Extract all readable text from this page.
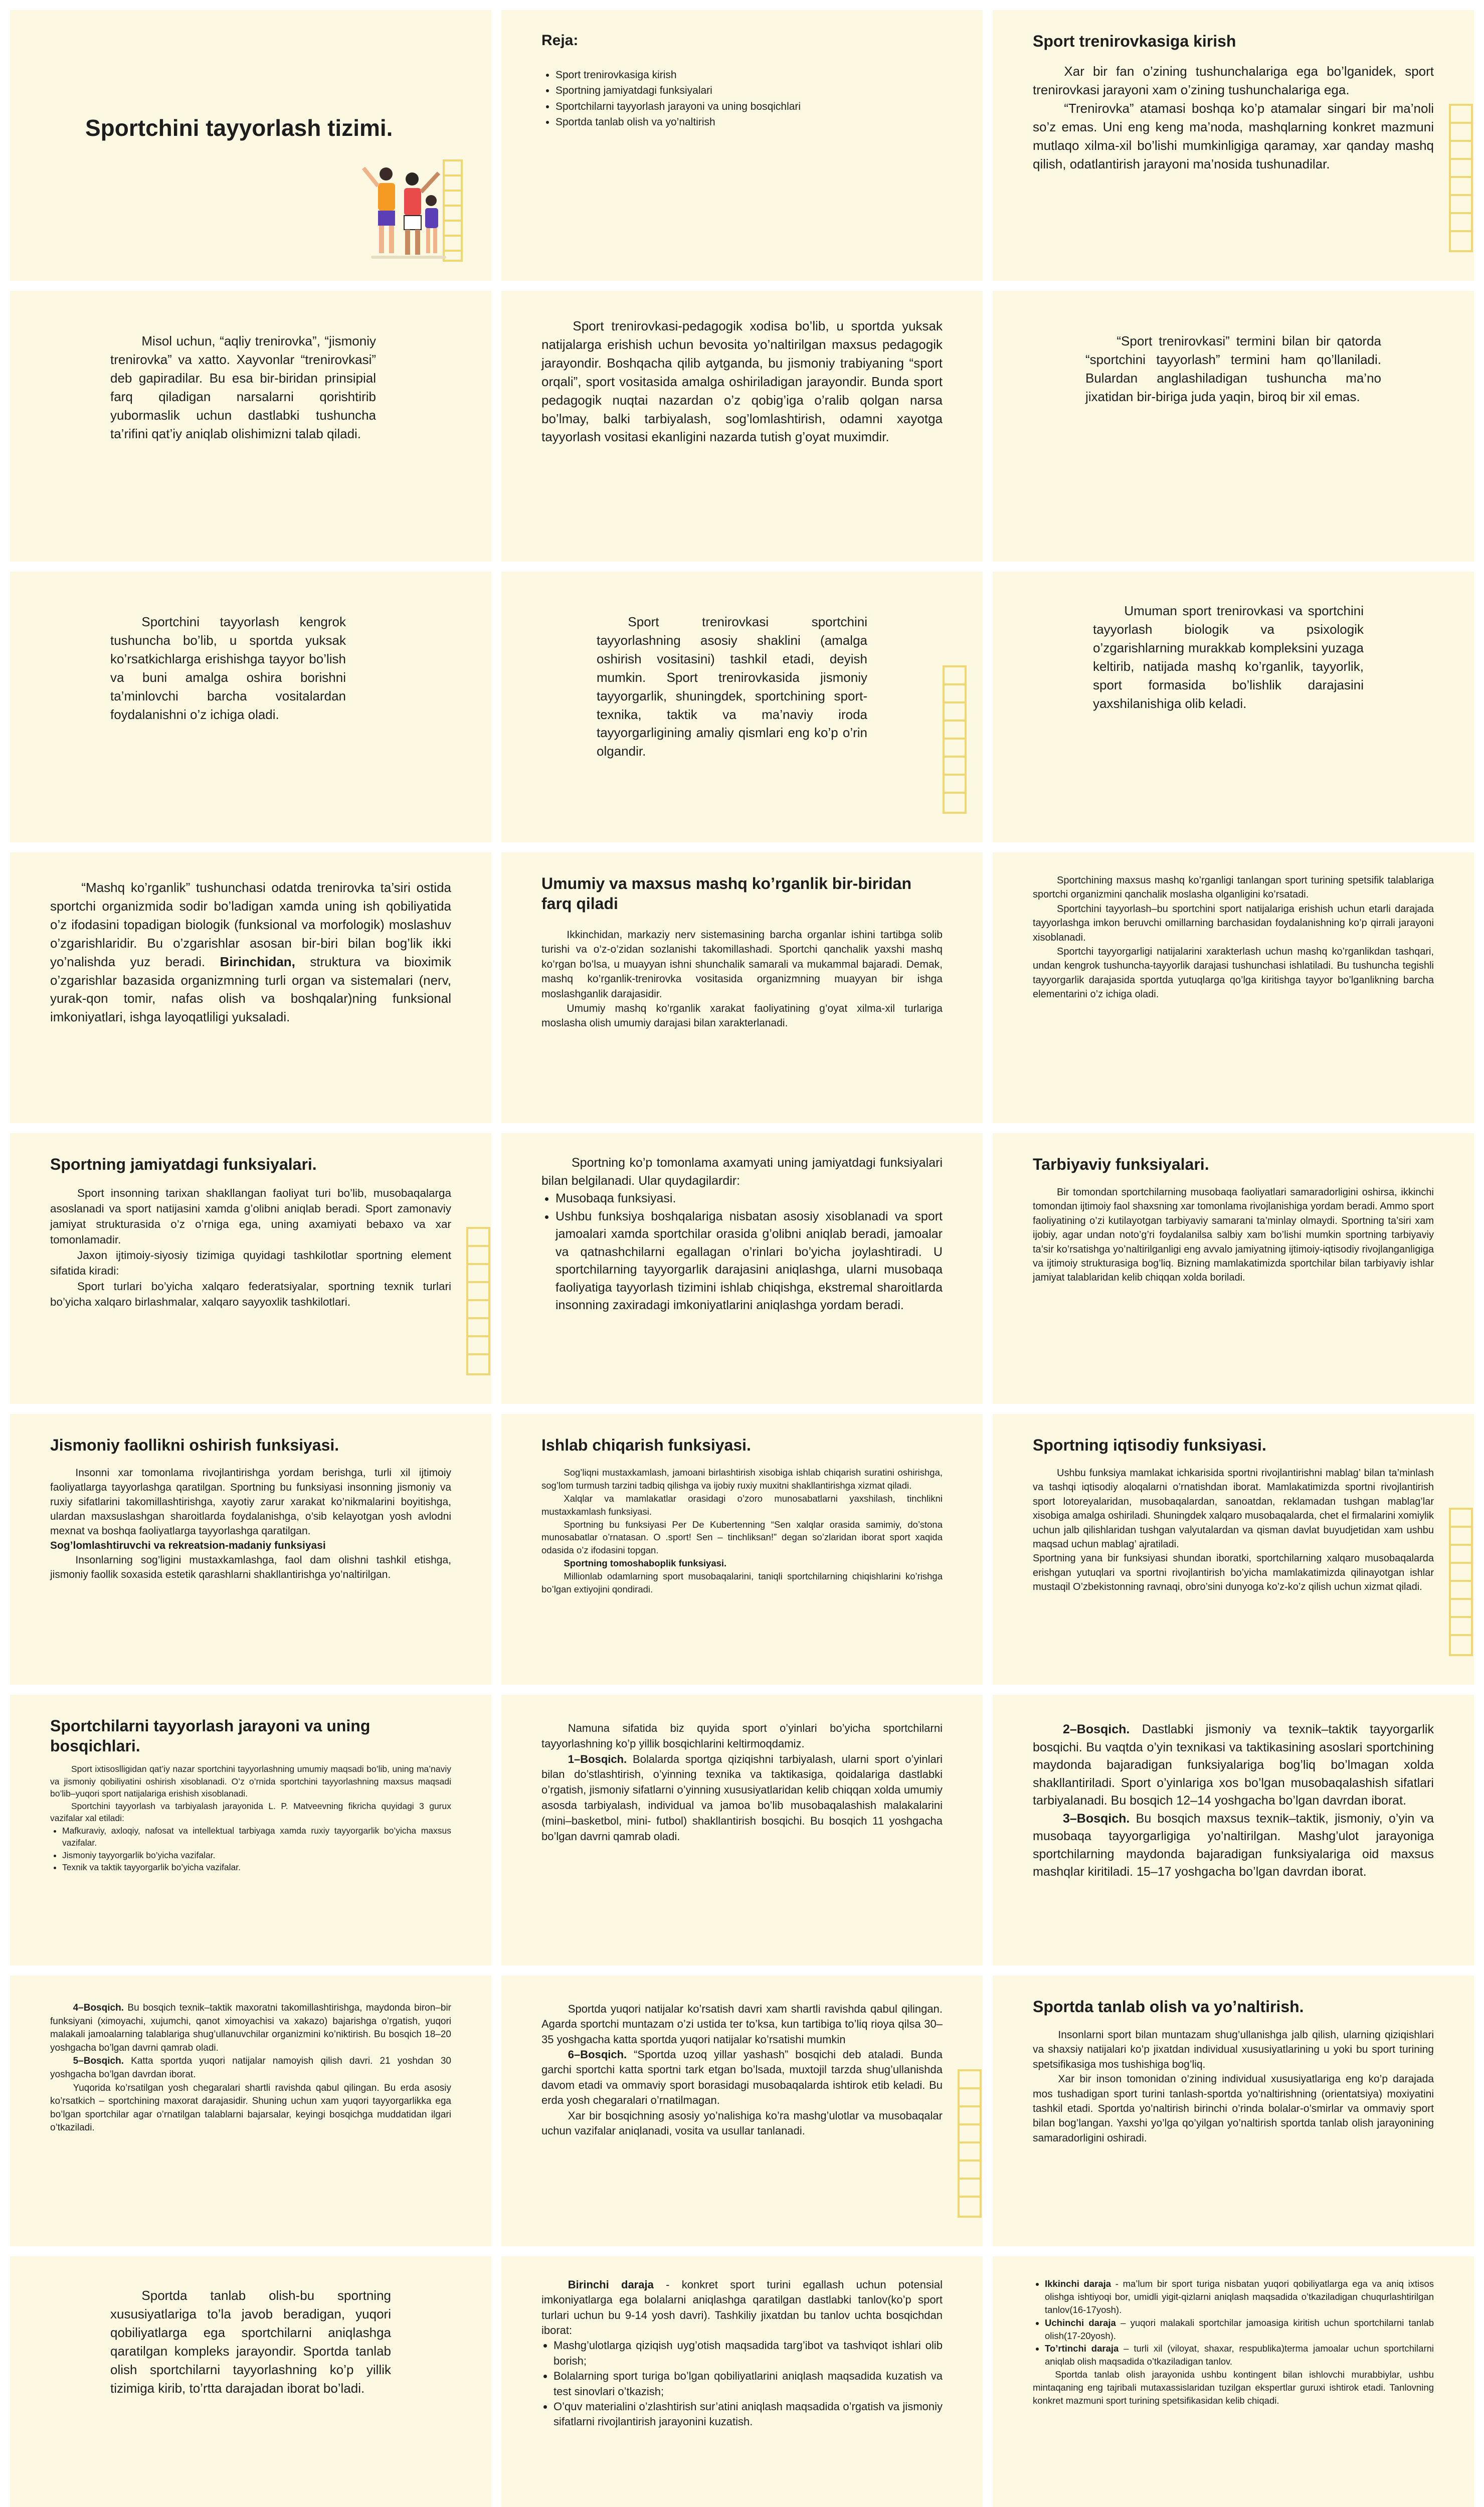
Sportchini tayyorlash tizimi.
Reja:
• Sport trenirovkasiga kirish
• Sportning jamiyatdagi funksiyalari
• Sportchilarni tayyorlash jarayoni va uning bosqichlari
• Sportda tanlab olish va yo’naltirish
Sport trenirovkasiga kirish

Xar bir fan o’zining tushunchalariga ega bo’lganidek, sport trenirovkasi jarayoni xam o’zining tushunchalariga ega.

“Trenirovka” atamasi boshqa ko’p atamalar singari bir ma’noli so’z emas. Uni eng keng ma’noda, mashqlarning konkret mazmuni mutlaqo xilma-xil bo’lishi mumkinligiga qaramay, xar qanday mashq qilish, odatlantirish jarayoni ma’nosida tushunadilar.

Misol uchun, “aqliy trenirovka”, “jismoniy trenirovka” va xatto. Xayvonlar “trenirovkasi” deb gapiradilar. Bu esa bir-biridan prinsipial farq qiladigan narsalarni qorishtirib yubormaslik uchun dastlabki tushuncha ta’rifini qat’iy aniqlab olishimizni talab qiladi.

Sport trenirovkasi-pedagogik xodisa bo’lib, u sportda yuksak natijalarga erishish uchun bevosita yo’naltirilgan maxsus pedagogik jarayondir. Boshqacha qilib aytganda, bu jismoniy trabiyaning “sport orqali”, sport vositasida amalga oshiriladigan jarayondir. Bunda sport pedagogik nuqtai nazardan o’z qobig’iga o’ralib qolgan narsa bo’lmay, balki tarbiyalash, sog’lomlashtirish, odamni xayotga tayyorlash vositasi ekanligini nazarda tutish g’oyat muximdir.

“Sport trenirovkasi” termini bilan bir qatorda “sportchini tayyorlash” termini ham qo’llaniladi. Bulardan anglashiladigan tushuncha ma’no jixatidan bir-biriga juda yaqin, biroq bir xil emas.

Sportchini tayyorlash kengrok tushuncha bo’lib, u sportda yuksak ko’rsatkichlarga erishishga tayyor bo’lish va buni amalga oshira borishni ta’minlovchi barcha vositalardan foydalanishni o’z ichiga oladi.

Sport trenirovkasi sportchini tayyorlashning asosiy shaklini (amalga oshirish vositasini) tashkil etadi, deyish mumkin. Sport trenirovkasida jismoniy tayyorgarlik, shuningdek, sportchining sport-texnika, taktik va ma’naviy iroda tayyorgarligining amaliy qismlari eng ko’p o’rin olgandir.

Umuman sport trenirovkasi va sportchini tayyorlash biologik va psixologik o’zgarishlarning murakkab kompleksini yuzaga keltirib, natijada mashq ko’rganlik, tayyorlik, sport formasida bo’lishlik darajasini yaxshilanishiga olib keladi.

“Mashq ko’rganlik” tushunchasi odatda trenirovka ta’siri ostida sportchi organizmida sodir bo’ladigan xamda uning ish qobiliyatida o’z ifodasini topadigan biologik (funksional va morfologik) moslashuv o’zgarishlaridir. Bu o’zgarishlar asosan bir-biri bilan bog’lik ikki yo’nalishda yuz beradi. Birinchidan, struktura va bioximik o’zgarishlar bazasida organizmning turli organ va sistemalari (nerv, yurak-qon tomir, nafas olish va boshqalar)ning funksional imkoniyatlari, ishga layoqatliligi yuksaladi.

Umumiy va maxsus mashq ko’rganlik bir-biridan farq qiladi

Ikkinchidan, markaziy nerv sistemasining barcha organlar ishini tartibga solib turishi va o’z-o’zidan sozlanishi takomillashadi. Sportchi qanchalik yaxshi mashq ko’rgan bo’lsa, u muayyan ishni shunchalik samarali va mukammal bajaradi. Demak, mashq ko’rganlik-trenirovka vositasida organizmning muayyan bir ishga moslashganlik darajasidir.

Umumiy mashq ko’rganlik xarakat faoliyatining g’oyat xilma-xil turlariga moslasha olish umumiy darajasi bilan xarakterlanadi.

Sportchining maxsus mashq ko’rganligi tanlangan sport turining spetsifik talablariga sportchi organizmini qanchalik moslasha olganligini ko’rsatadi.

Sportchini tayyorlash–bu sportchini sport natijalariga erishish uchun etarli darajada tayyorlashga imkon beruvchi omillarning barchasidan foydalanishning ko’p qirrali jarayoni xisoblanadi.

Sportchi tayyorgarligi natijalarini xarakterlash uchun mashq ko’rganlikdan tashqari, undan kengrok tushuncha-tayyorlik darajasi tushunchasi ishlatiladi. Bu tushuncha tegishli tayyorgarlik darajasida sportda yutuqlarga qo’lga kiritishga tayyor bo’lganlikning barcha elementarini o’z ichiga oladi.

Sportning jamiyatdagi funksiyalari.

Sport insonning tarixan shakllangan faoliyat turi bo’lib, musobaqalarga asoslanadi va sport natijasini xamda g’olibni aniqlab beradi. Sport zamonaviy jamiyat strukturasida o’z o’rniga ega, uning axamiyati bebaxo va xar tomonlamadir.

Jaxon ijtimoiy-siyosiy tizimiga quyidagi tashkilotlar sportning element sifatida kiradi:

Sport turlari bo’yicha xalqaro federatsiyalar, sportning texnik turlari bo’yicha xalqaro birlashmalar, xalqaro sayyoxlik tashkilotlari.

Sportning ko’p tomonlama axamyati uning jamiyatdagi funksiyalari bilan belgilanadi. Ular quydagilardir:

• Musobaqa funksiyasi.
• Ushbu funksiya boshqalariga nisbatan asosiy xisoblanadi va sport jamoalari xamda sportchilar orasida g’olibni aniqlab beradi, jamoalar va qatnashchilarni egallagan o’rinlari bo’yicha joylashtiradi. U sportchilarning tayyorgarlik darajasini aniqlashga, ularni musobaqa faoliyatiga tayyorlash tizimini ishlab chiqishga, ekstremal sharoitlarda insonning zaxiradagi imkoniyatlarini aniqlashga yordam beradi.
Tarbiyaviy funksiyalari.

Bir tomondan sportchilarning musobaqa faoliyatlari samaradorligini oshirsa, ikkinchi tomondan ijtimoiy faol shaxsning xar tomonlama rivojlanishiga yordam beradi. Ammo sport faoliyatining o’zi kutilayotgan tarbiyaviy samarani ta’minlay olmaydi. Sportning ta’siri xam ijobiy, agar undan noto’g’ri foydalanilsa salbiy xam bo’lishi mumkin sportning tarbiyaviy ta’sir ko’rsatishga yo’naltirilganligi eng avvalo jamiyatning ijtimoiy-iqtisodiy rivojlanganligiga va ijtimoiy strukturasiga bog’liq. Bizning mamlakatimizda sportchilar bilan tarbiyaviy ishlar jamiyat talablaridan kelib chiqqan xolda boriladi.

Jismoniy faollikni oshirish funksiyasi.

Insonni xar tomonlama rivojlantirishga yordam berishga, turli xil ijtimoiy faoliyatlarga tayyorlashga qaratilgan. Sportning bu funksiyasi insonning jismoniy va ruxiy sifatlarini takomillashtirishga, xayotiy zarur xarakat ko’nikmalarini boyitishga, ulardan maxsuslashgan sharoitlarda foydalanishga, o’sib kelayotgan yosh avlodni mexnat va boshqa faoliyatlarga tayyorlashga qaratilgan.

Sog’lomlashtiruvchi va rekreatsion-madaniy funksiyasi

Insonlarning sog’ligini mustaxkamlashga, faol dam olishni tashkil etishga, jismoniy faollik soxasida estetik qarashlarni shakllantirishga yo’naltirilgan.

Ishlab chiqarish funksiyasi.

Sog’liqni mustaxkamlash, jamoani birlashtirish xisobiga ishlab chiqarish suratini oshirishga, sog’lom turmush tarzini tadbiq qilishga va ijobiy ruxiy muxitni shakllantirishga xizmat qiladi.

Xalqlar va mamlakatlar orasidagi o’zoro munosabatlarni yaxshilash, tinchlikni mustaxkamlash funksiyasi.

Sportning bu funksiyasi Per De Kubertenning “Sen xalqlar orasida samimiy, do’stona munosabatlar o’rnatasan. O .sport! Sen – tinchliksan!” degan so’zlaridan iborat sport xaqida odasida o’z ifodasini topgan.

Sportning tomoshaboplik funksiyasi.

Millionlab odamlarning sport musobaqalarini, taniqli sportchilarning chiqishlarini ko’rishga bo’lgan extiyojini qondiradi.

Sportning iqtisodiy funksiyasi.

Ushbu funksiya mamlakat ichkarisida sportni rivojlantirishni mablag’ bilan ta’minlash va tashqi iqtisodiy aloqalarni o’rnatishdan iborat. Mamlakatimizda sportni rivojlantirish sport lotoreyalaridan, musobaqalardan, sanoatdan, reklamadan tushgan mablag’lar xisobiga amalga oshiriladi. Shuningdek xalqaro musobaqalarda, chet el firmalarini xomiylik uchun jalb qilishlaridan tushgan valyutalardan va qisman davlat buyudjetidan xam ushbu maqsad uchun mablag’ ajratiladi.

Sportning yana bir funksiyasi shundan iboratki, sportchilarning xalqaro musobaqalarda erishgan yutuqlari va sportni rivojlantirish bo’yicha mamlakatimizda qilinayotgan ishlar mustaqil O’zbekistonning ravnaqi, obro’sini dunyoga ko’z-ko’z qilish uchun xizmat qiladi.

Sportchilarni tayyorlash jarayoni va uning bosqichlari.

Sport ixtisoslligidan qat’iy nazar sportchini tayyorlashning umumiy maqsadi bo’lib, uning ma’naviy va jismoniy qobiliyatini oshirish xisoblanadi. O’z o’rnida sportchini tayyorlashning maxsus maqsadi bo’lib–yuqori sport natijalariga erishish xisoblanadi.

Sportchini tayyorlash va tarbiyalash jarayonida L. P. Matveevning fikricha quyidagi 3 gurux vazifalar xal etiladi:

• Mafkuraviy, axloqiy, nafosat va intellektual tarbiyaga xamda ruxiy tayyorgarlik bo’yicha maxsus vazifalar.
• Jismoniy tayyorgarlik bo’yicha vazifalar.
• Texnik va taktik tayyorgarlik bo’yicha vazifalar.

Namuna sifatida biz quyida sport o’yinlari bo’yicha sportchilarni tayyorlashning ko’p yillik bosqichlarini keltirmoqdamiz.

1–Bosqich. Bolalarda sportga qiziqishni tarbiyalash, ularni sport o’yinlari bilan do’stlashtirish, o’yinning texnika va taktikasiga, qoidalariga dastlabki o’rgatish, jismoniy sifatlarni o’yinning xususiyatlaridan kelib chiqqan xolda umumiy asosda tarbiyalash, individual va jamoa bo’lib musobaqalashish malakalarini (mini–basketbol, mini- futbol) shakllantirish bosqichi. Bu bosqich 11 yoshgacha bo’lgan davrni qamrab oladi.

2–Bosqich. Dastlabki jismoniy va texnik–taktik tayyorgarlik bosqichi. Bu vaqtda o’yin texnikasi va taktikasining asoslari sportchining maydonda bajaradigan funksiyalariga bog’liq bo’lmagan xolda shakllantiriladi. Sport o’yinlariga xos bo’lgan musobaqalashish sifatlari tarbiyalanadi. Bu bosqich 12–14 yoshgacha bo’lgan davrdan iborat.

3–Bosqich. Bu bosqich maxsus texnik–taktik, jismoniy, o’yin va musobaqa tayyorgarligiga yo’naltirilgan. Mashg’ulot jarayoniga sportchilarning maydonda bajaradigan funksiyalariga oid maxsus mashqlar kiritiladi. 15–17 yoshgacha bo’lgan davrdan iborat.

4–Bosqich. Bu bosqich texnik–taktik maxoratni takomillashtirishga, maydonda biron–bir funksiyani (ximoyachi, xujumchi, qanot ximoyachisi va xakazo) bajarishga o’rgatish, yuqori malakali jamoalarning talablariga shug’ullanuvchilar organizmini ko’niktirish. Bu bosqich 18–20 yoshgacha bo’lgan davrni qamrab oladi.

5–Bosqich. Katta sportda yuqori natijalar namoyish qilish davri. 21 yoshdan 30 yoshgacha bo’lgan davrdan iborat.

Yuqorida ko’rsatilgan yosh chegaralari shartli ravishda qabul qilingan. Bu erda asosiy ko’rsatkich – sportchining maxorat darajasidir. Shuning uchun xam yuqori tayyorgarlikka ega bo’lgan sportchilar agar o’rnatilgan talablarni bajarsalar, keyingi bosqichga muddatidan ilgari o’tkaziladi.

Sportda yuqori natijalar ko’rsatish davri xam shartli ravishda qabul qilingan. Agarda sportchi muntazam o’zi ustida ter to’ksa, kun tartibiga to’liq rioya qilsa 30–35 yoshgacha katta sportda yuqori natijalar ko’rsatishi mumkin

6–Bosqich. “Sportda uzoq yillar yashash” bosqichi deb ataladi. Bunda garchi sportchi katta sportni tark etgan bo’lsada, muxtojil tarzda shug’ullanishda davom etadi va ommaviy sport borasidagi musobaqalarda ishtirok etib keladi. Bu erda yosh chegaralari o’rnatilmagan.

Xar bir bosqichning asosiy yo’nalishiga ko’ra mashg’ulotlar va musobaqalar uchun vazifalar aniqlanadi, vosita va usullar tanlanadi.

Sportda tanlab olish va yo’naltirish.

Insonlarni sport bilan muntazam shug’ullanishga jalb qilish, ularning qiziqishlari va shaxsiy natijalari ko’p jixatdan individual xususiyatlarining u yoki bu sport turining spetsifikasiga mos tushishiga bog’liq.

Xar bir inson tomonidan o’zining individual xususiyatlariga eng ko’p darajada mos tushadigan sport turini tanlash-sportda yo’naltirishning (orientatsiya) moxiyatini tashkil etadi. Sportda yo’naltirish birinchi o’rinda bolalar-o’smirlar va ommaviy sport bilan bog’langan. Yaxshi yo’lga qo’yilgan yo’naltirish sportda tanlab olish jarayonining samaradorligini oshiradi.

Sportda tanlab olish-bu sportning xususiyatlariga to’la javob beradigan, yuqori qobiliyatlarga ega sportchilarni aniqlashga qaratilgan kompleks jarayondir. Sportda tanlab olish sportchilarni tayyorlashning ko’p yillik tizimiga kirib, to’rtta darajadan iborat bo’ladi.

Birinchi daraja - konkret sport turini egallash uchun potensial imkoniyatlarga ega bolalarni aniqlashga qaratilgan dastlabki tanlov(ko’p sport turlari uchun bu 9-14 yosh davri). Tashkiliy jixatdan bu tanlov uchta bosqichdan iborat:

• Mashg’ulotlarga qiziqish uyg’otish maqsadida targ’ibot va tashviqot ishlari olib borish;
• Bolalarning sport turiga bo’lgan qobiliyatlarini aniqlash maqsadida kuzatish va test sinovlari o’tkazish;
• O’quv materialini o’zlashtirish sur’atini aniqlash maqsadida o’rgatish va jismoniy sifatlarni rivojlantirish jarayonini kuzatish.
• Ikkinchi daraja - ma’lum bir sport turiga nisbatan yuqori qobiliyatlarga ega va aniq ixtisos olishga ishtiyoqi bor, umidli yigit-qizlarni aniqlash maqsadida o’tkaziladigan chuqurlashtirilgan tanlov(16-17yosh).
• Uchinchi daraja – yuqori malakali sportchilar jamoasiga kiritish uchun sportchilarni tanlab olish(17-20yosh).
• To’rtinchi daraja – turli xil (viloyat, shaxar, respublika)terma jamoalar uchun sportchilarni aniqlab olish maqsadida o’tkaziladigan tanlov.

Sportda tanlab olish jarayonida ushbu kontingent bilan ishlovchi murabbiylar, ushbu mintaqaning eng tajribali mutaxassislaridan tuzilgan ekspertlar guruxi ishtirok etadi. Tanlovning konkret mazmuni sport turining spetsifikasidan kelib chiqadi.
